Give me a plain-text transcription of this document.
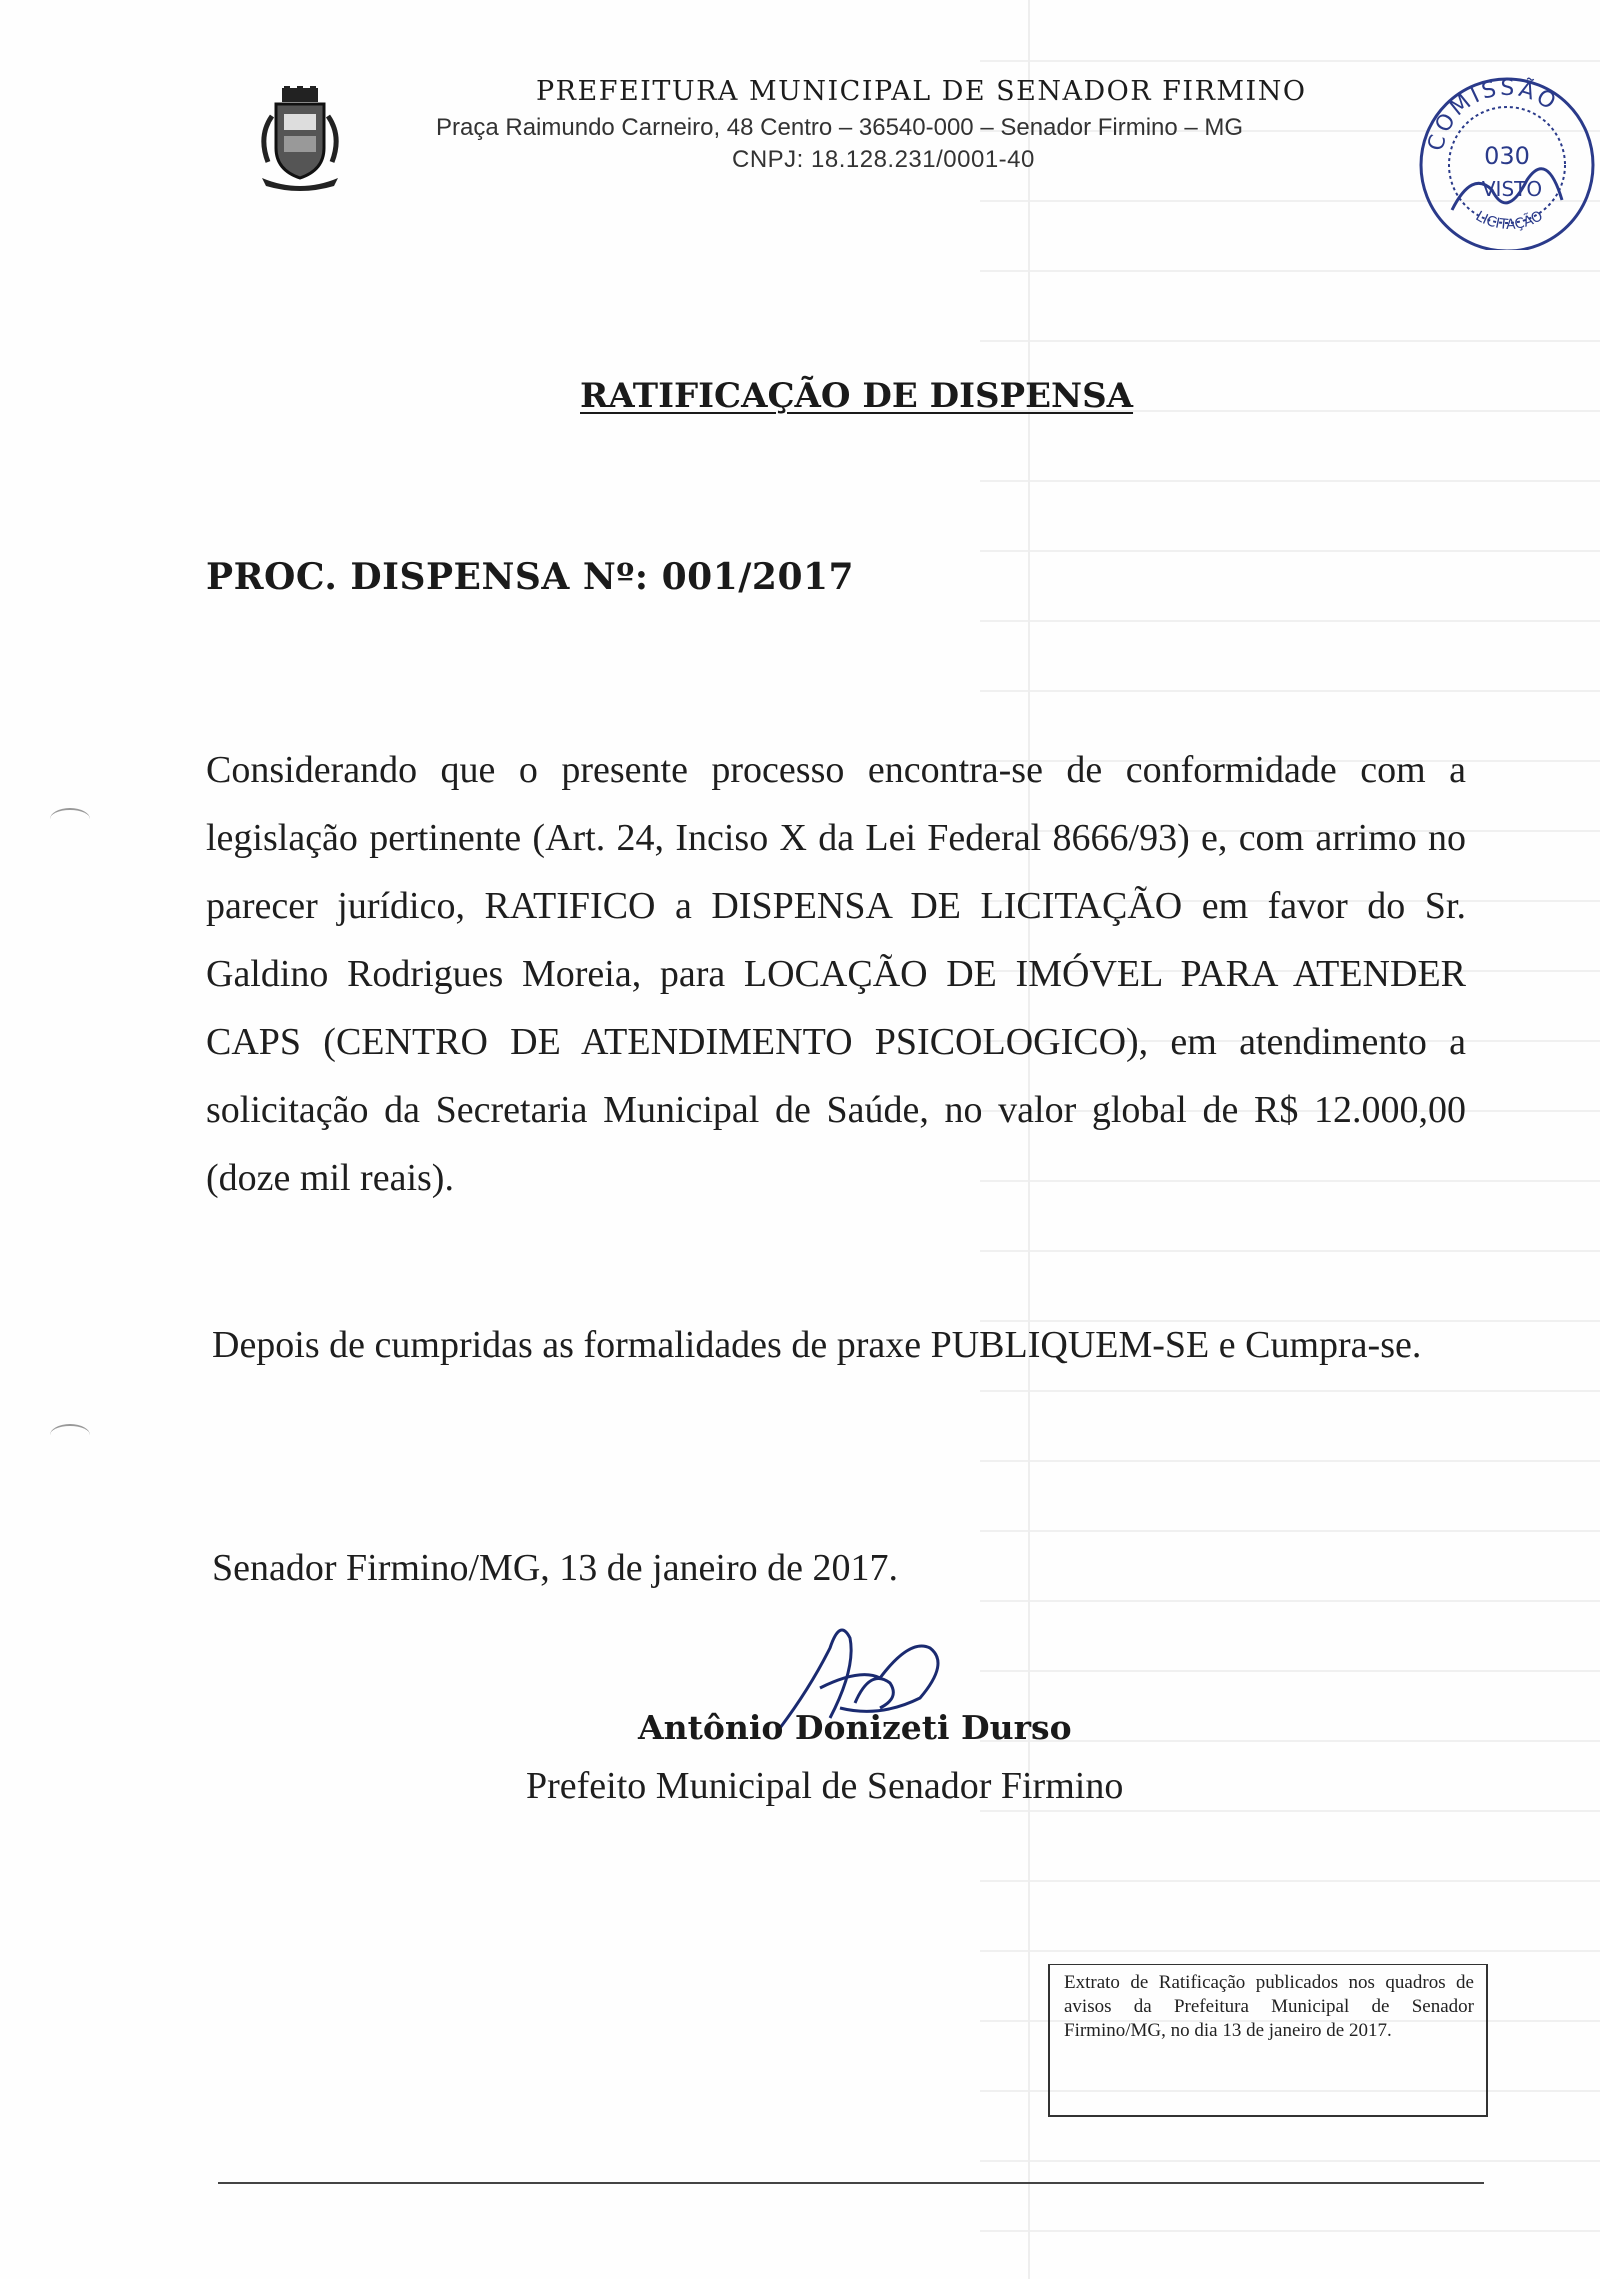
PREFEITURA MUNICIPAL DE SENADOR FIRMINO
Praça Raimundo Carneiro, 48 Centro – 36540-000 – Senador Firmino – MG
CNPJ: 18.128.231/0001-40
COMISSÃO
030
VISTO
LICITAÇÃO
RATIFICAÇÃO DE DISPENSA
PROC. DISPENSA Nº: 001/2017

Considerando que o presente processo encontra-se de conformidade com a legislação pertinente (Art. 24, Inciso X da Lei Federal 8666/93) e, com arrimo no parecer jurídico, RATIFICO a DISPENSA DE LICITAÇÃO em favor do Sr. Galdino Rodrigues Moreia, para LOCAÇÃO DE IMÓVEL PARA ATENDER CAPS (CENTRO DE ATENDIMENTO PSICOLOGICO), em atendimento a solicitação da Secretaria Municipal de Saúde, no valor global de R$ 12.000,00 (doze mil reais).

Depois de cumpridas as formalidades de praxe PUBLIQUEM-SE e Cumpra-se.

Senador Firmino/MG, 13 de janeiro de 2017.
Antônio Donizeti Durso
Prefeito Municipal de Senador Firmino

Extrato de Ratificação publicados nos quadros de avisos da Prefeitura Municipal de Senador Firmino/MG, no dia 13 de janeiro de 2017.
